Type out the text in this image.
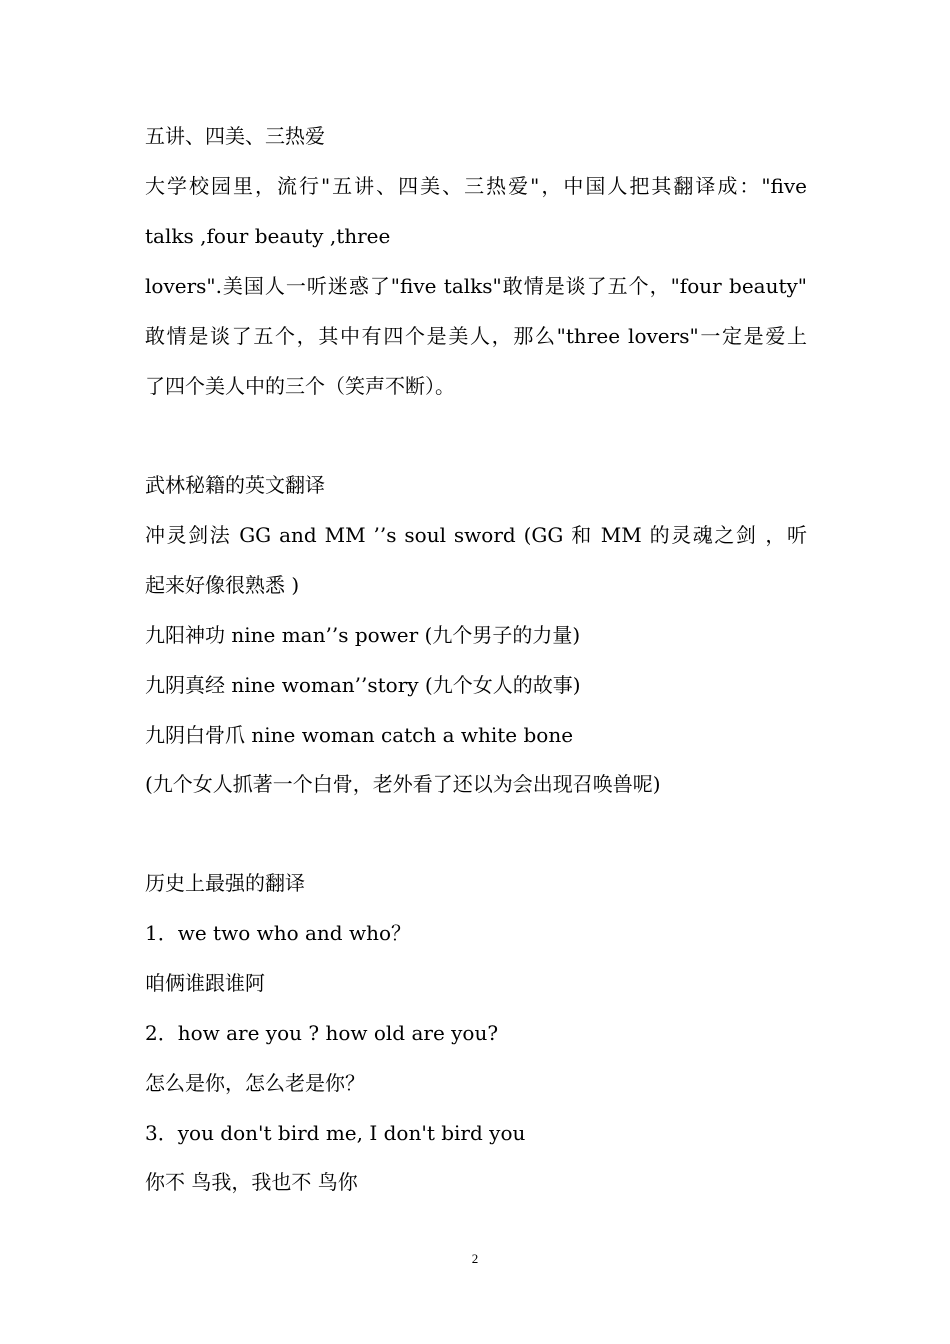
五讲、四美、三热爱
大学校园里，流行"五讲、四美、三热爱"，中国人把其翻译成："five
talks ,four beauty ,three
lovers".美国人一听迷惑了"five talks"敢情是谈了五个，"four beauty"
敢情是谈了五个，其中有四个是美人，那么"three lovers"一定是爱上
了四个美人中的三个（笑声不断）。
武林秘籍的英文翻译
冲灵剑法 GG and MM ’’s soul sword (GG 和 MM 的灵魂之剑 ，听
起来好像很熟悉 )
九阳神功 nine man’’s power (九个男子的力量)
九阴真经 nine woman’’story (九个女人的故事)
九阴白骨爪 nine woman catch a white bone
(九个女人抓著一个白骨，老外看了还以为会出现召唤兽呢)
历史上最强的翻译
1．we two who and who？
咱俩谁跟谁阿
2．how are you ? how old are you?
怎么是你，怎么老是你？
3．you don't bird me, I don't bird you
你不 鸟我，我也不 鸟你
2
